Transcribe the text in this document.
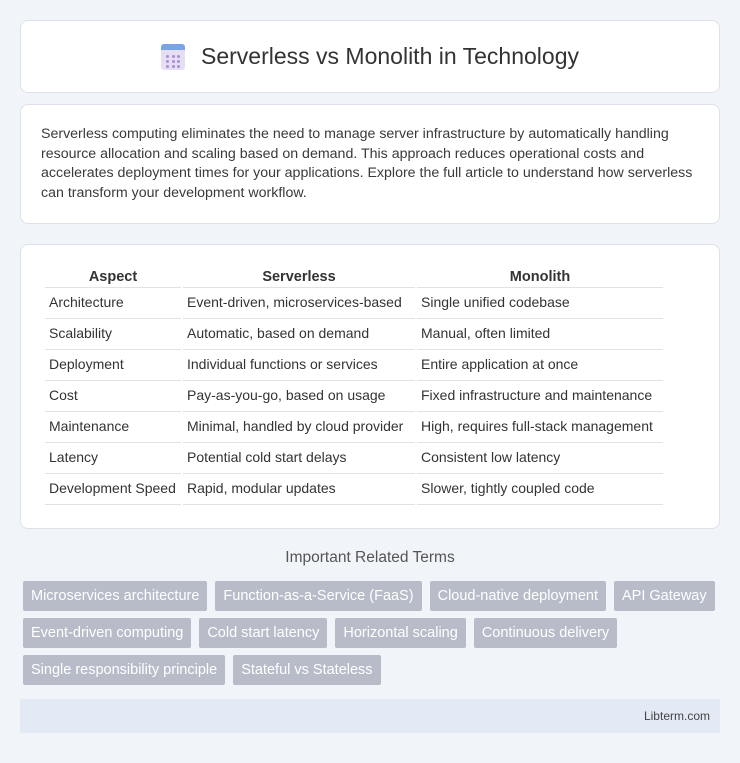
Serverless vs Monolith in Technology

Serverless computing eliminates the need to manage server infrastructure by automatically handling resource allocation and scaling based on demand. This approach reduces operational costs and accelerates deployment times for your applications. Explore the full article to understand how serverless can transform your development workflow.

Aspect	Serverless	Monolith
Architecture	Event-driven, microservices-based	Single unified codebase
Scalability	Automatic, based on demand	Manual, often limited
Deployment	Individual functions or services	Entire application at once
Cost	Pay-as-you-go, based on usage	Fixed infrastructure and maintenance
Maintenance	Minimal, handled by cloud provider	High, requires full-stack management
Latency	Potential cold start delays	Consistent low latency
Development Speed	Rapid, modular updates	Slower, tightly coupled code
Important Related Terms
Microservices architecture	Function-as-a-Service (FaaS)	Cloud-native deployment	API Gateway
Event-driven computing	Cold start latency	Horizontal scaling	Continuous delivery
Single responsibility principle	Stateful vs Stateless
Libterm.com
